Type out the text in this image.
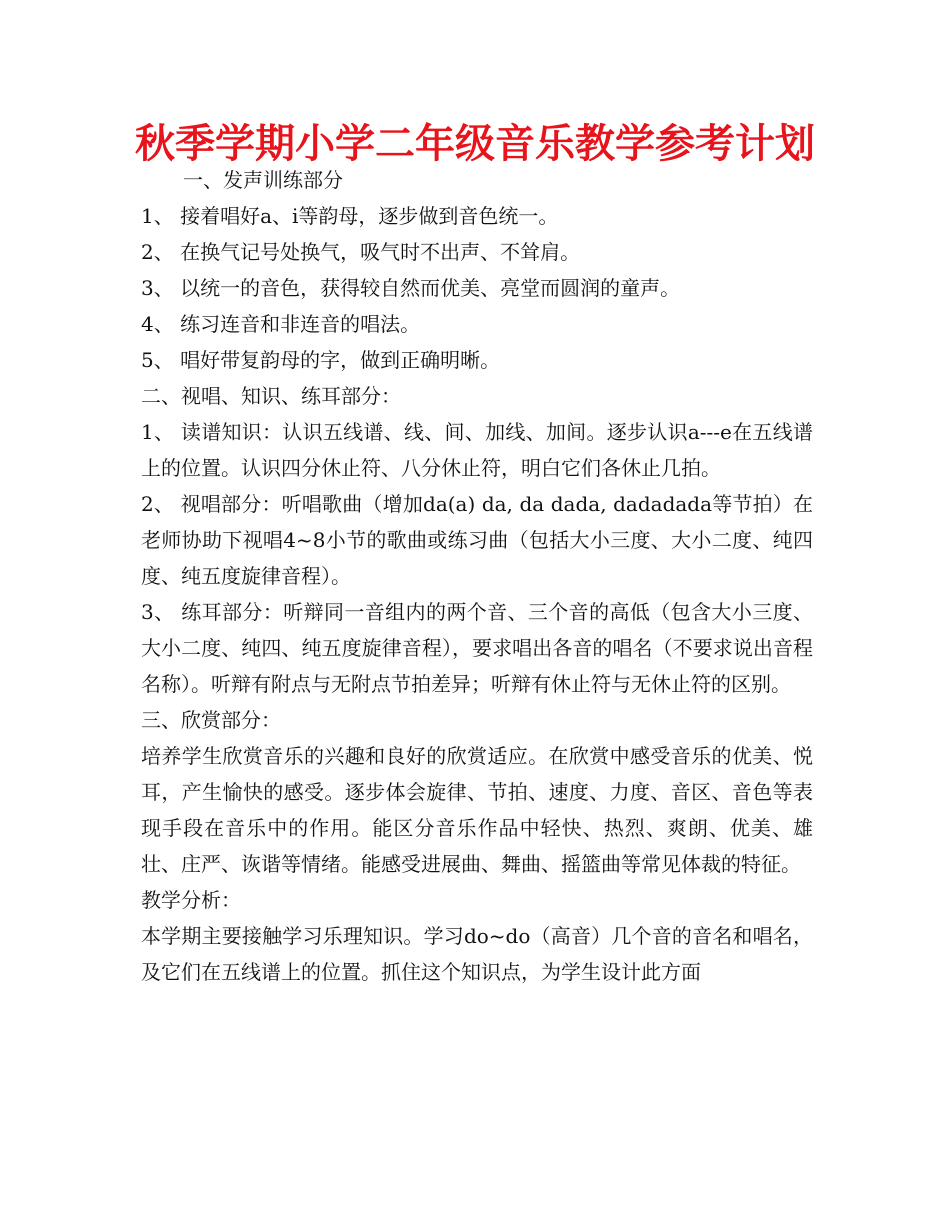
秋季学期小学二年级音乐教学参考计划

一、发声训练部分

1、 接着唱好a、i等韵母，逐步做到音色统一。

2、 在换气记号处换气，吸气时不出声、不耸肩。

3、 以统一的音色，获得较自然而优美、亮堂而圆润的童声。

4、 练习连音和非连音的唱法。

5、 唱好带复韵母的字，做到正确明晰。

二、视唱、知识、练耳部分：

1、 读谱知识：认识五线谱、线、间、加线、加间。逐步认识a---e在五线谱上的位置。认识四分休止符、八分休止符，明白它们各休止几拍。

2、 视唱部分：听唱歌曲（增加da(a) da, da dada, dadadada等节拍）在老师协助下视唱4~8小节的歌曲或练习曲（包括大小三度、大小二度、纯四度、纯五度旋律音程）。

3、 练耳部分：听辩同一音组内的两个音、三个音的高低（包含大小三度、大小二度、纯四、纯五度旋律音程），要求唱出各音的唱名（不要求说出音程名称）。听辩有附点与无附点节拍差异；听辩有休止符与无休止符的区别。

三、欣赏部分：

培养学生欣赏音乐的兴趣和良好的欣赏适应。在欣赏中感受音乐的优美、悦耳，产生愉快的感受。逐步体会旋律、节拍、速度、力度、音区、音色等表现手段在音乐中的作用。能区分音乐作品中轻快、热烈、爽朗、优美、雄壮、庄严、诙谐等情绪。能感受进展曲、舞曲、摇篮曲等常见体裁的特征。

教学分析：

本学期主要接触学习乐理知识。学习do~do（高音）几个音的音名和唱名，及它们在五线谱上的位置。抓住这个知识点，为学生设计此方面
